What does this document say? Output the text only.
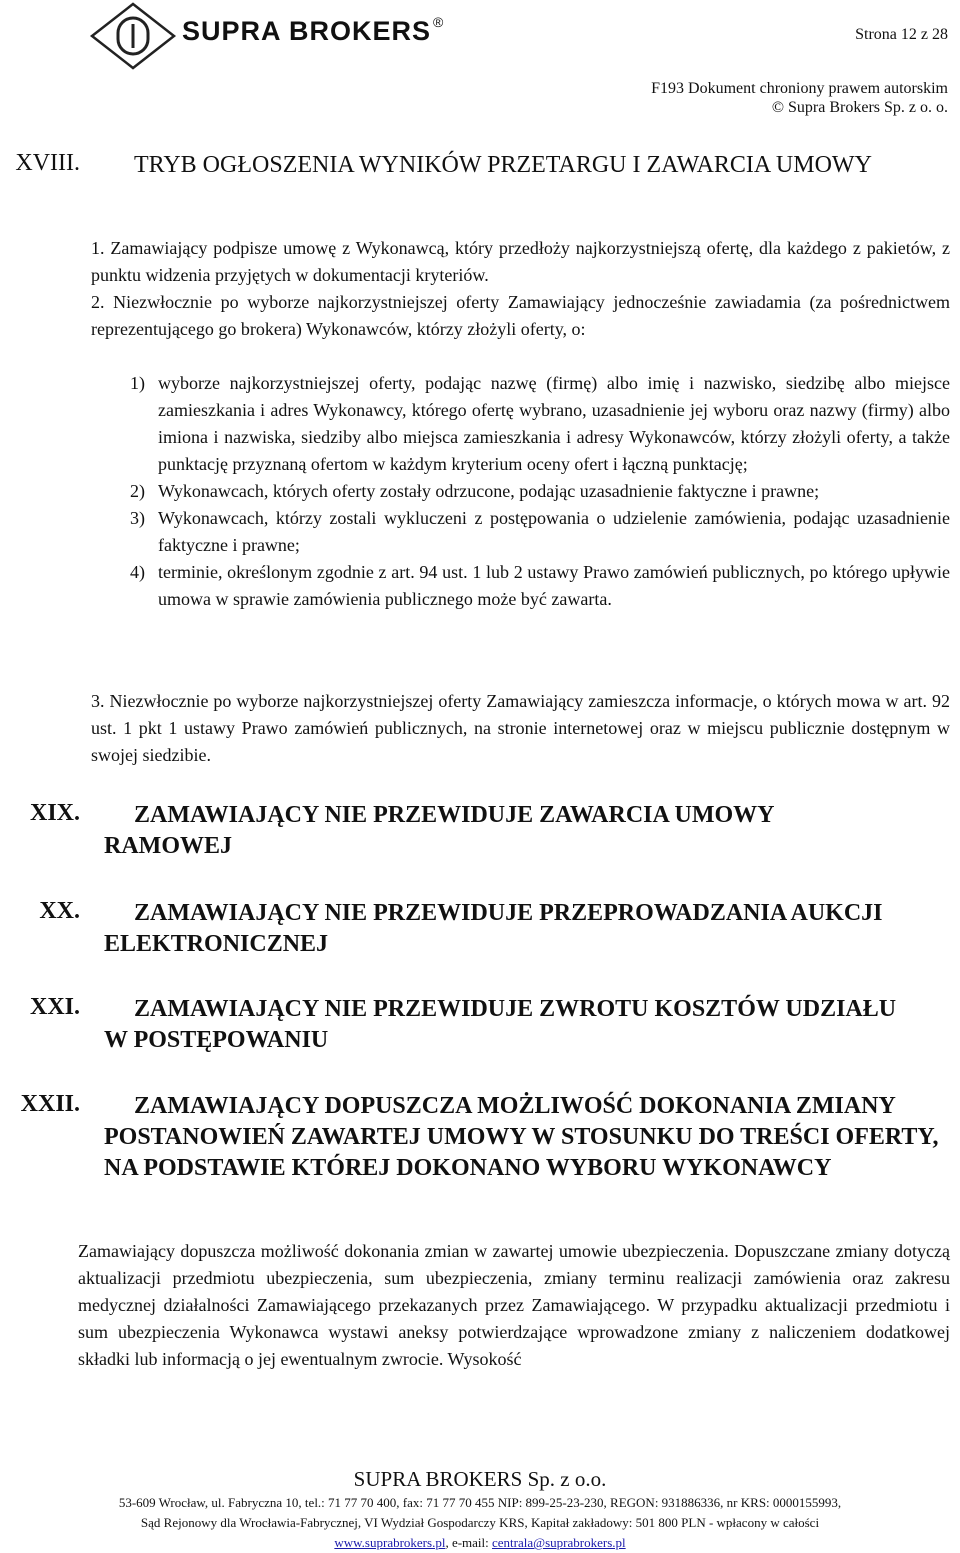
SUPRA BROKERS ®
Strona 12 z 28
F193 Dokument chroniony prawem autorskim
© Supra Brokers Sp. z o. o.
XVIII.	TRYB OGŁOSZENIA WYNIKÓW PRZETARGU I ZAWARCIA UMOWY
1. Zamawiający podpisze umowę z Wykonawcą, który przedłoży najkorzystniejszą ofertę, dla każdego z pakietów, z punktu widzenia przyjętych w dokumentacji kryteriów.
2. Niezwłocznie po wyborze najkorzystniejszej oferty Zamawiający jednocześnie zawiadamia (za pośrednictwem reprezentującego go brokera) Wykonawców, którzy złożyli oferty, o:
1) wyborze najkorzystniejszej oferty, podając nazwę (firmę) albo imię i nazwisko, siedzibę albo miejsce zamieszkania i adres Wykonawcy, którego ofertę wybrano, uzasadnienie jej wyboru oraz nazwy (firmy) albo imiona i nazwiska, siedziby albo miejsca zamieszkania i adresy Wykonawców, którzy złożyli oferty, a także punktację przyznaną ofertom w każdym kryterium oceny ofert i łączną punktację;
2) Wykonawcach, których oferty zostały odrzucone, podając uzasadnienie faktyczne i prawne;
3) Wykonawcach, którzy zostali wykluczeni z postępowania o udzielenie zamówienia, podając uzasadnienie faktyczne i prawne;
4) terminie, określonym zgodnie z art. 94 ust. 1 lub 2 ustawy Prawo zamówień publicznych, po którego upływie umowa w sprawie zamówienia publicznego może być zawarta.
3. Niezwłocznie po wyborze najkorzystniejszej oferty Zamawiający zamieszcza informacje, o których mowa w art. 92 ust. 1 pkt 1 ustawy Prawo zamówień publicznych, na stronie internetowej oraz w miejscu publicznie dostępnym w swojej siedzibie.
XIX.	ZAMAWIAJĄCY NIE PRZEWIDUJE ZAWARCIA UMOWY RAMOWEJ
XX.	ZAMAWIAJĄCY NIE PRZEWIDUJE PRZEPROWADZANIA AUKCJI ELEKTRONICZNEJ
XXI.	ZAMAWIAJĄCY NIE PRZEWIDUJE ZWROTU KOSZTÓW UDZIAŁU W POSTĘPOWANIU
XXII.	ZAMAWIAJĄCY DOPUSZCZA MOŻLIWOŚĆ DOKONANIA ZMIANY POSTANOWIEŃ ZAWARTEJ UMOWY W STOSUNKU DO TREŚCI OFERTY, NA PODSTAWIE KTÓREJ DOKONANO WYBORU WYKONAWCY
Zamawiający dopuszcza możliwość dokonania zmian w zawartej umowie ubezpieczenia. Dopuszczane zmiany dotyczą aktualizacji przedmiotu ubezpieczenia, sum ubezpieczenia, zmiany terminu realizacji zamówienia oraz zakresu medycznej działalności Zamawiającego przekazanych przez Zamawiającego. W przypadku aktualizacji przedmiotu i sum ubezpieczenia Wykonawca wystawi aneksy potwierdzające wprowadzone zmiany z naliczeniem dodatkowej składki lub informacją o jej ewentualnym zwrocie. Wysokość
SUPRA BROKERS Sp. z o.o.
53-609 Wrocław, ul. Fabryczna 10, tel.: 71 77 70 400, fax: 71 77 70 455 NIP: 899-25-23-230, REGON: 931886336, nr KRS: 0000155993,
Sąd Rejonowy dla Wrocławia-Fabrycznej, VI Wydział Gospodarczy KRS, Kapitał zakładowy: 501 800 PLN - wpłacony w całości
www.suprabrokers.pl, e-mail: centrala@suprabrokers.pl
